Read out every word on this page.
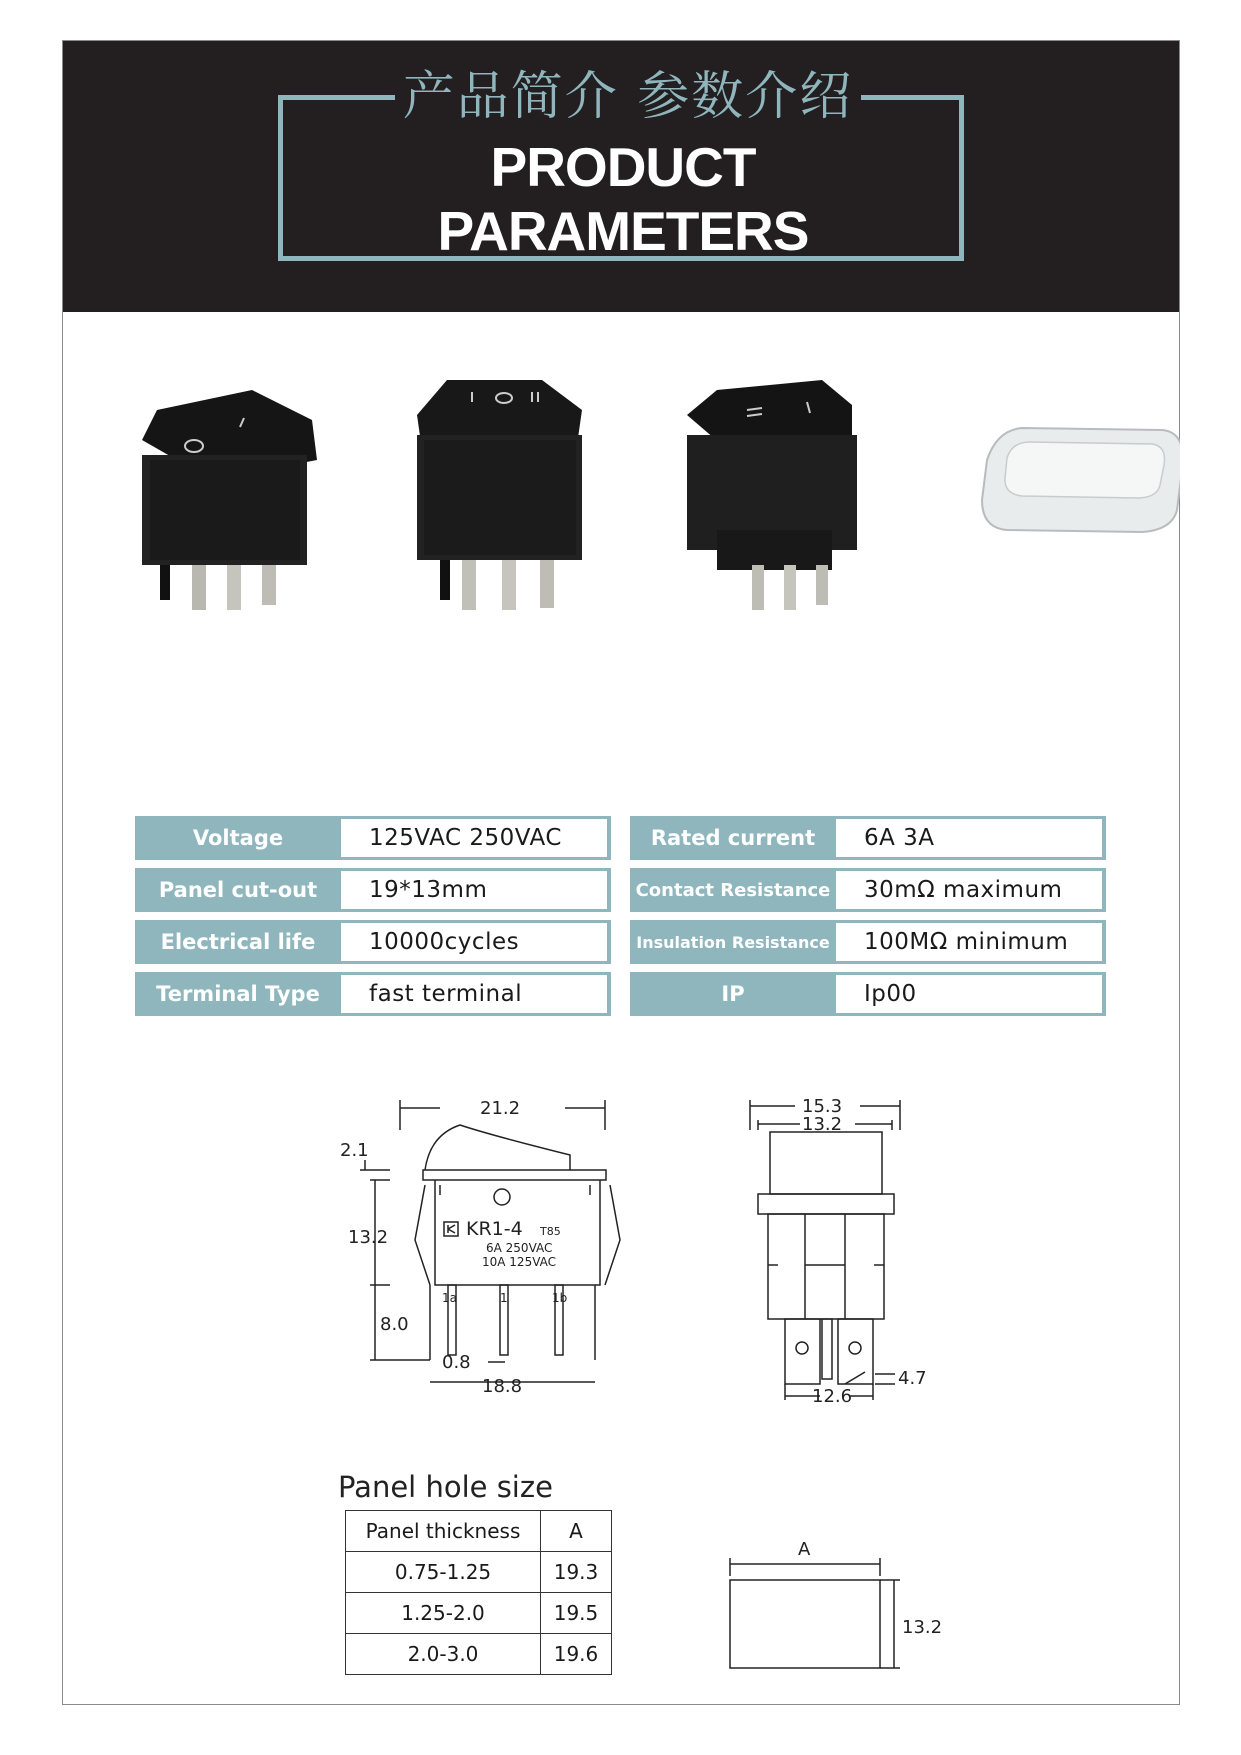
产品简介 参数介绍
PRODUCT PARAMETERS
Voltage	125VAC 250VAC
Panel cut-out	19*13mm
Electrical life	10000cycles
Terminal Type	fast terminal
Rated current	6A 3A
Contact Resistance	30mΩ maximum
Insulation Resistance	100MΩ minimum
IP	Ip00
21.2
2.1
13.2
8.0
0.8
18.8
KR1-4 T85
6A 250VAC
10A 125VAC
1a	1	1b
15.3
13.2
4.7
12.6
Panel hole size
Panel thickness	A
0.75-1.25	19.3
1.25-2.0	19.5
2.0-3.0	19.6
A
13.2
